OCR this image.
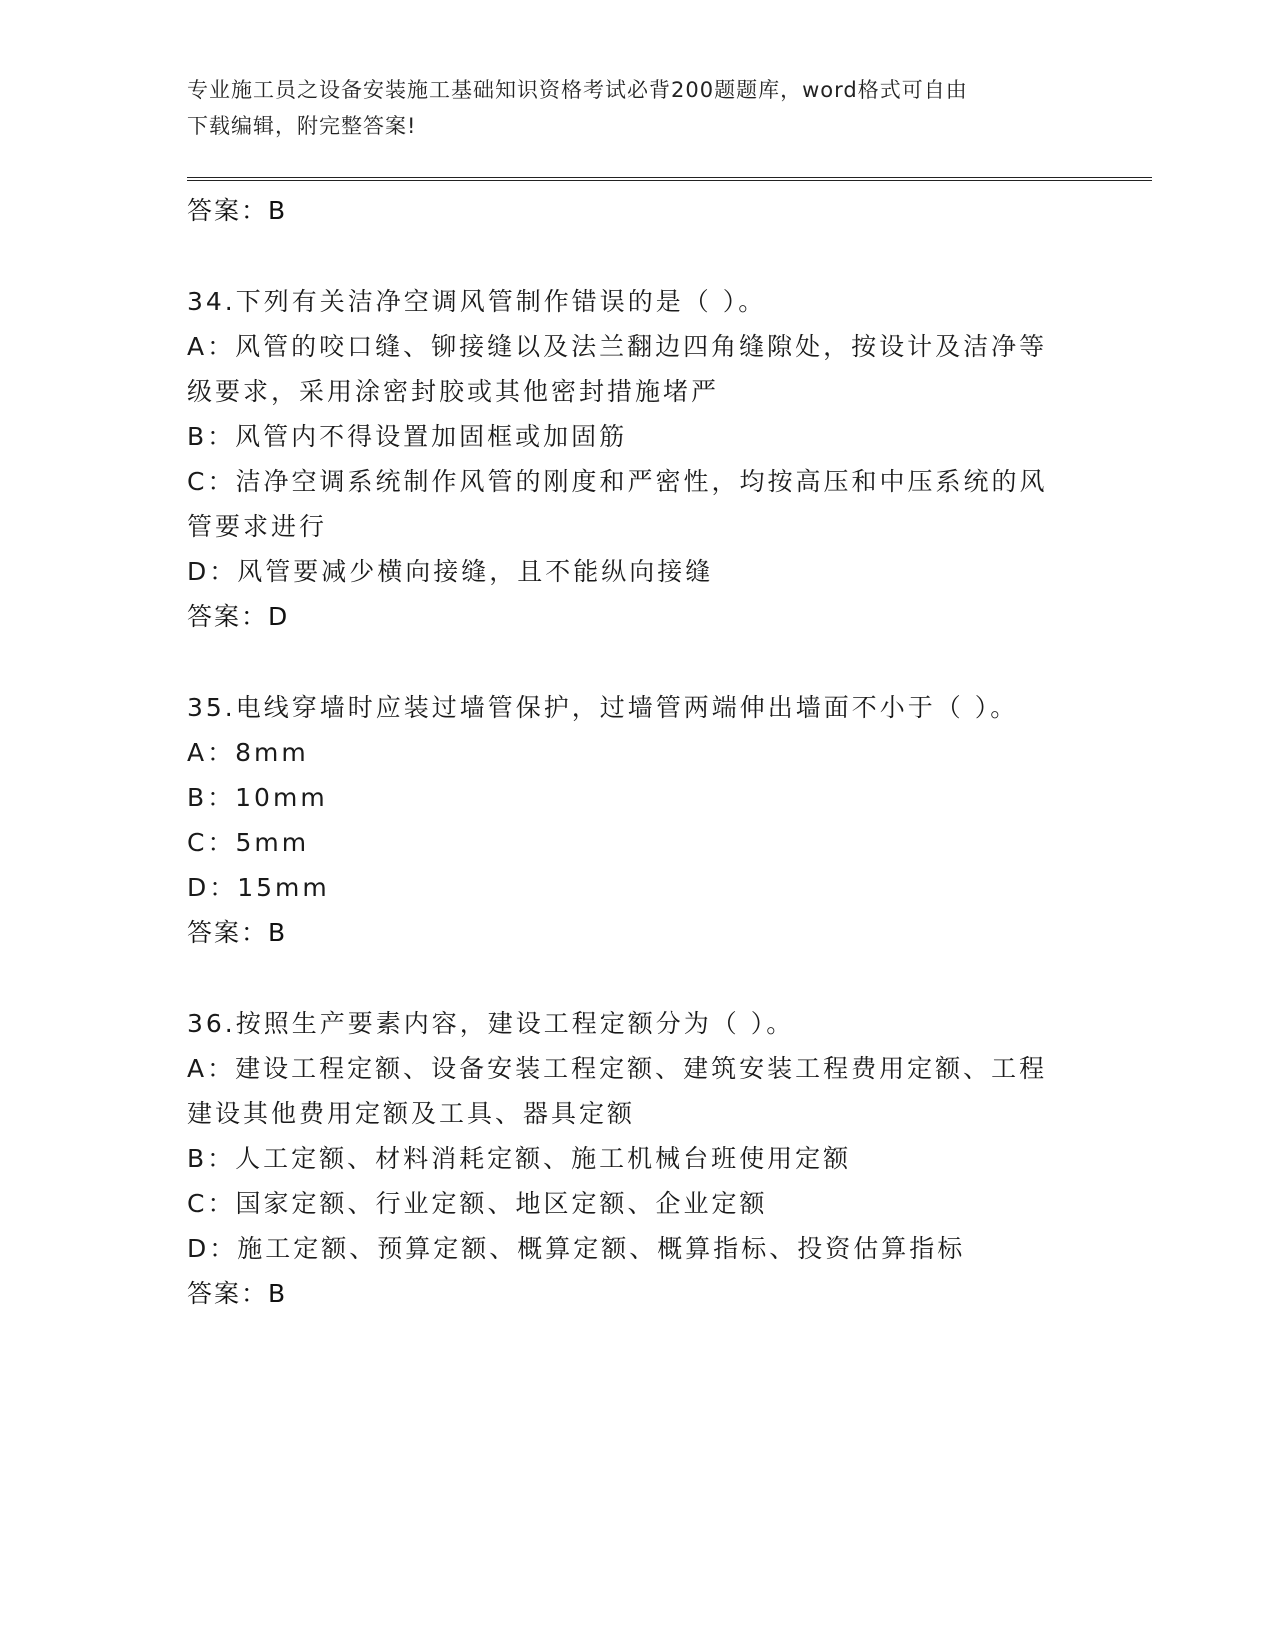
专业施工员之设备安装施工基础知识资格考试必背200题题库，word格式可自由
下载编辑，附完整答案!
答案：B
34.下列有关洁净空调风管制作错误的是（ ）。
A：风管的咬口缝、铆接缝以及法兰翻边四角缝隙处，按设计及洁净等
级要求，采用涂密封胶或其他密封措施堵严
B：风管内不得设置加固框或加固筋
C：洁净空调系统制作风管的刚度和严密性，均按高压和中压系统的风
管要求进行
D：风管要减少横向接缝，且不能纵向接缝
答案：D
35.电线穿墙时应装过墙管保护，过墙管两端伸出墙面不小于（ ）。
A：8mm
B：10mm
C：5mm
D：15mm
答案：B
36.按照生产要素内容，建设工程定额分为（ ）。
A：建设工程定额、设备安装工程定额、建筑安装工程费用定额、工程
建设其他费用定额及工具、器具定额
B：人工定额、材料消耗定额、施工机械台班使用定额
C：国家定额、行业定额、地区定额、企业定额
D：施工定额、预算定额、概算定额、概算指标、投资估算指标
答案：B
